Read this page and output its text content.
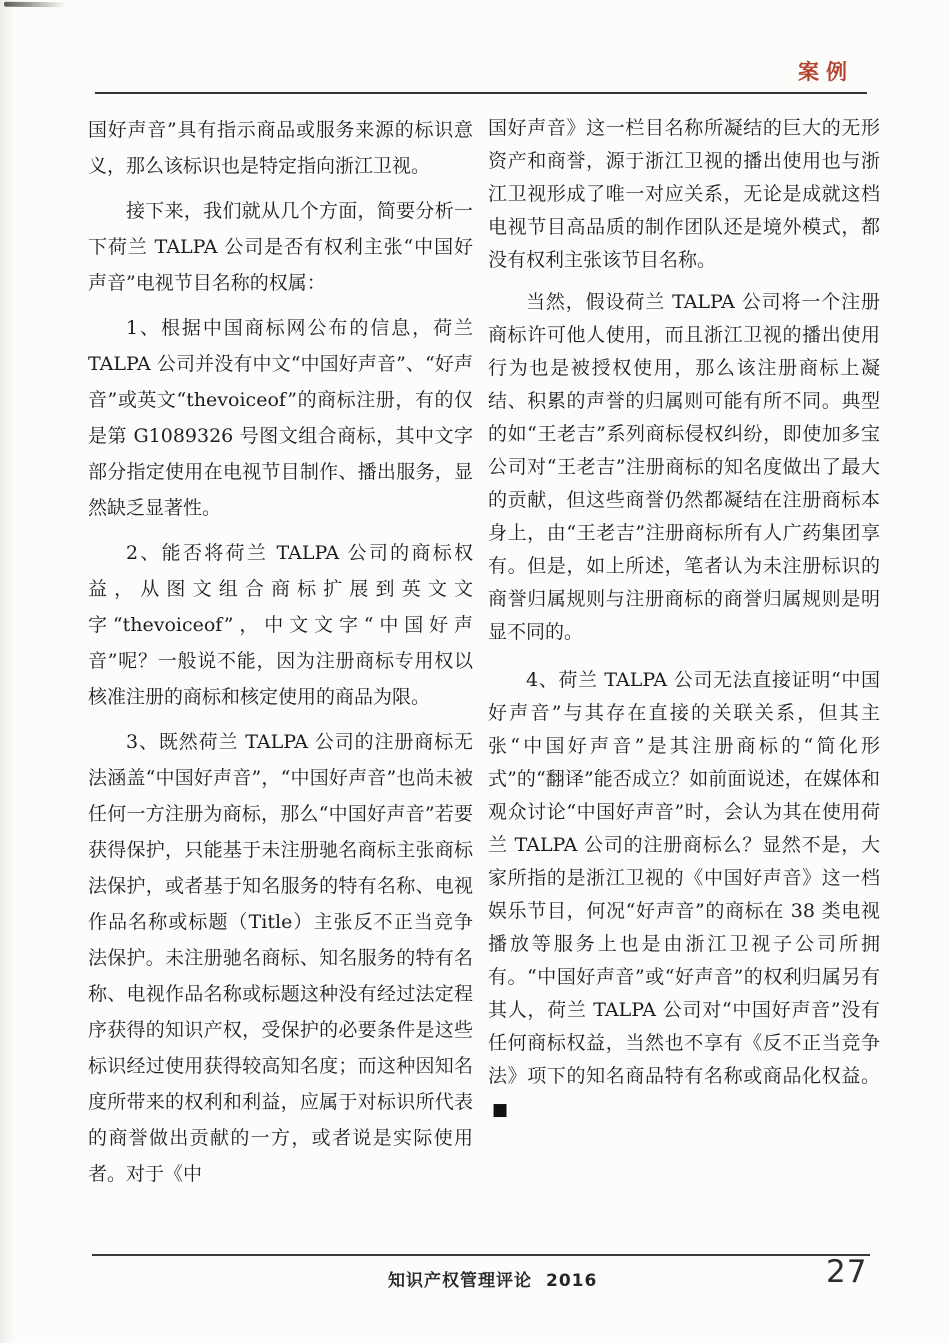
案例

国好声音”具有指示商品或服务来源的标识意义，那么该标识也是特定指向浙江卫视。

接下来，我们就从几个方面，简要分析一下荷兰 TALPA 公司是否有权利主张“中国好声音”电视节目名称的权属：

1、根据中国商标网公布的信息，荷兰 TALPA 公司并没有中文“中国好声音”、“好声音”或英文“thevoiceof”的商标注册，有的仅是第 G1089326 号图文组合商标，其中文字部分指定使用在电视节目制作、播出服务，显然缺乏显著性。

2、能否将荷兰 TALPA 公司的商标权益，从图文组合商标扩展到英文文字“thevoiceof”，中文文字“中国好声音”呢？一般说不能，因为注册商标专用权以核准注册的商标和核定使用的商品为限。

3、既然荷兰 TALPA 公司的注册商标无法涵盖“中国好声音”，“中国好声音”也尚未被任何一方注册为商标，那么“中国好声音”若要获得保护，只能基于未注册驰名商标主张商标法保护，或者基于知名服务的特有名称、电视作品名称或标题（Title）主张反不正当竞争法保护。未注册驰名商标、知名服务的特有名称、电视作品名称或标题这种没有经过法定程序获得的知识产权，受保护的必要条件是这些标识经过使用获得较高知名度；而这种因知名度所带来的权利和利益，应属于对标识所代表的商誉做出贡献的一方，或者说是实际使用者。对于《中

国好声音》这一栏目名称所凝结的巨大的无形资产和商誉，源于浙江卫视的播出使用也与浙江卫视形成了唯一对应关系，无论是成就这档电视节目高品质的制作团队还是境外模式，都没有权利主张该节目名称。

当然，假设荷兰 TALPA 公司将一个注册商标许可他人使用，而且浙江卫视的播出使用行为也是被授权使用，那么该注册商标上凝结、积累的声誉的归属则可能有所不同。典型的如“王老吉”系列商标侵权纠纷，即使加多宝公司对“王老吉”注册商标的知名度做出了最大的贡献，但这些商誉仍然都凝结在注册商标本身上，由“王老吉”注册商标所有人广药集团享有。但是，如上所述，笔者认为未注册标识的商誉归属规则与注册商标的商誉归属规则是明显不同的。

4、荷兰 TALPA 公司无法直接证明“中国好声音”与其存在直接的关联关系，但其主张“中国好声音”是其注册商标的“简化形式”的“翻译”能否成立？如前面说述，在媒体和观众讨论“中国好声音”时，会认为其在使用荷兰 TALPA 公司的注册商标么？显然不是，大家所指的是浙江卫视的《中国好声音》这一档娱乐节目，何况“好声音”的商标在 38 类电视播放等服务上也是由浙江卫视子公司所拥有。“中国好声音”或“好声音”的权利归属另有其人，荷兰 TALPA 公司对“中国好声音”没有任何商标权益，当然也不享有《反不正当竞争法》项下的知名商品特有名称或商品化权益。■

知识产权管理评论 2016	27
